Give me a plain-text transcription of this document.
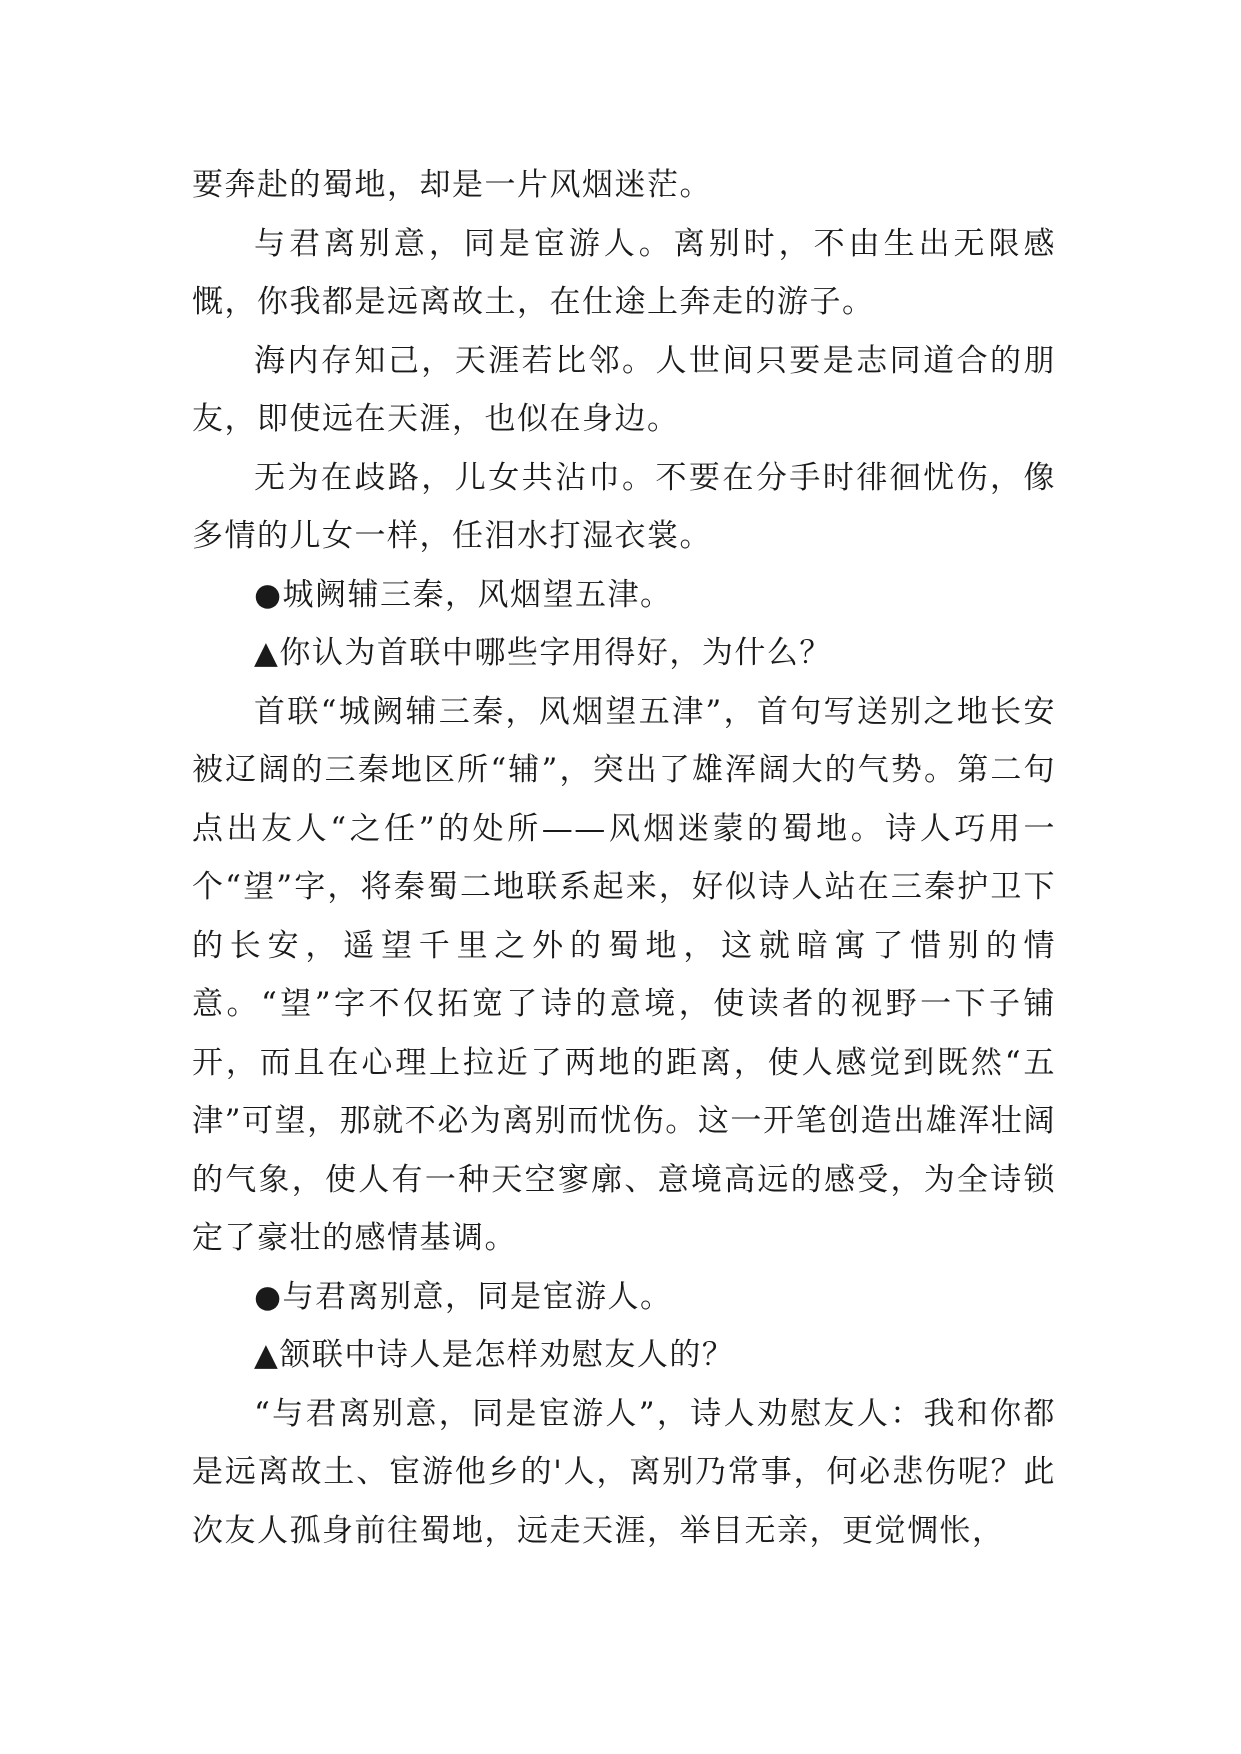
要奔赴的蜀地，却是一片风烟迷茫。

与君离别意，同是宦游人。离别时，不由生出无限感慨，你我都是远离故土，在仕途上奔走的游子。

海内存知己，天涯若比邻。人世间只要是志同道合的朋友，即使远在天涯，也似在身边。

无为在歧路，儿女共沾巾。不要在分手时徘徊忧伤，像多情的儿女一样，任泪水打湿衣裳。

●城阙辅三秦，风烟望五津。

▲你认为首联中哪些字用得好，为什么？

首联“城阙辅三秦，风烟望五津”，首句写送别之地长安被辽阔的三秦地区所“辅”，突出了雄浑阔大的气势。第二句点出友人“之任”的处所——风烟迷蒙的蜀地。诗人巧用一个“望”字，将秦蜀二地联系起来，好似诗人站在三秦护卫下的长安，遥望千里之外的蜀地，这就暗寓了惜别的情意。“望”字不仅拓宽了诗的意境，使读者的视野一下子铺开，而且在心理上拉近了两地的距离，使人感觉到既然“五津”可望，那就不必为离别而忧伤。这一开笔创造出雄浑壮阔的气象，使人有一种天空寥廓、意境高远的感受，为全诗锁定了豪壮的感情基调。

●与君离别意，同是宦游人。

▲颔联中诗人是怎样劝慰友人的？

“与君离别意，同是宦游人”，诗人劝慰友人：我和你都是远离故土、宦游他乡的'人，离别乃常事，何必悲伤呢？此次友人孤身前往蜀地，远走天涯，举目无亲，更觉惆怅，
